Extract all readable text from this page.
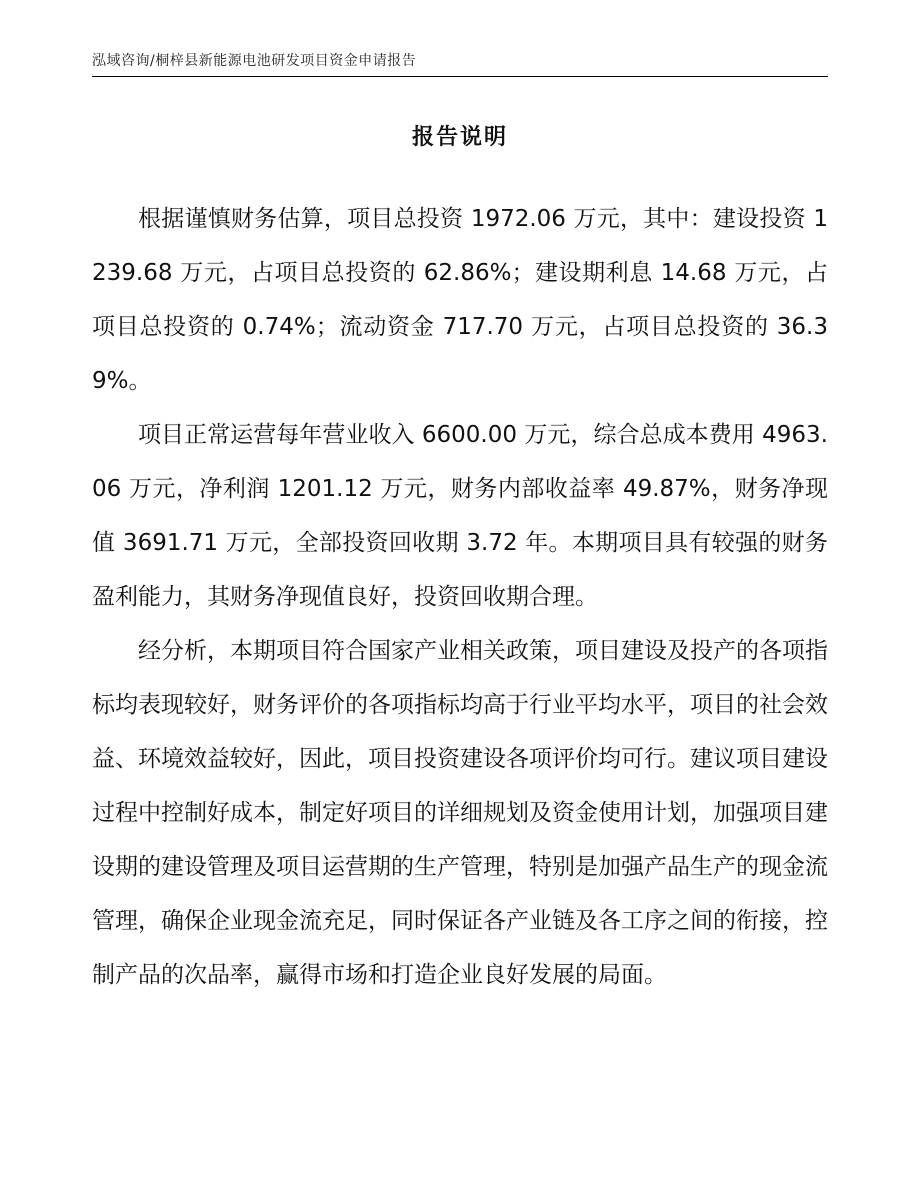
泓域咨询/桐梓县新能源电池研发项目资金申请报告
报告说明

根据谨慎财务估算，项目总投资 1972.06 万元，其中：建设投资 1239.68 万元，占项目总投资的 62.86%；建设期利息 14.68 万元，占项目总投资的 0.74%；流动资金 717.70 万元，占项目总投资的 36.39%。

项目正常运营每年营业收入 6600.00 万元，综合总成本费用 4963.06 万元，净利润 1201.12 万元，财务内部收益率 49.87%，财务净现值 3691.71 万元，全部投资回收期 3.72 年。本期项目具有较强的财务盈利能力，其财务净现值良好，投资回收期合理。

经分析，本期项目符合国家产业相关政策，项目建设及投产的各项指标均表现较好，财务评价的各项指标均高于行业平均水平，项目的社会效益、环境效益较好，因此，项目投资建设各项评价均可行。建议项目建设过程中控制好成本，制定好项目的详细规划及资金使用计划，加强项目建设期的建设管理及项目运营期的生产管理，特别是加强产品生产的现金流管理，确保企业现金流充足，同时保证各产业链及各工序之间的衔接，控制产品的次品率，赢得市场和打造企业良好发展的局面。
